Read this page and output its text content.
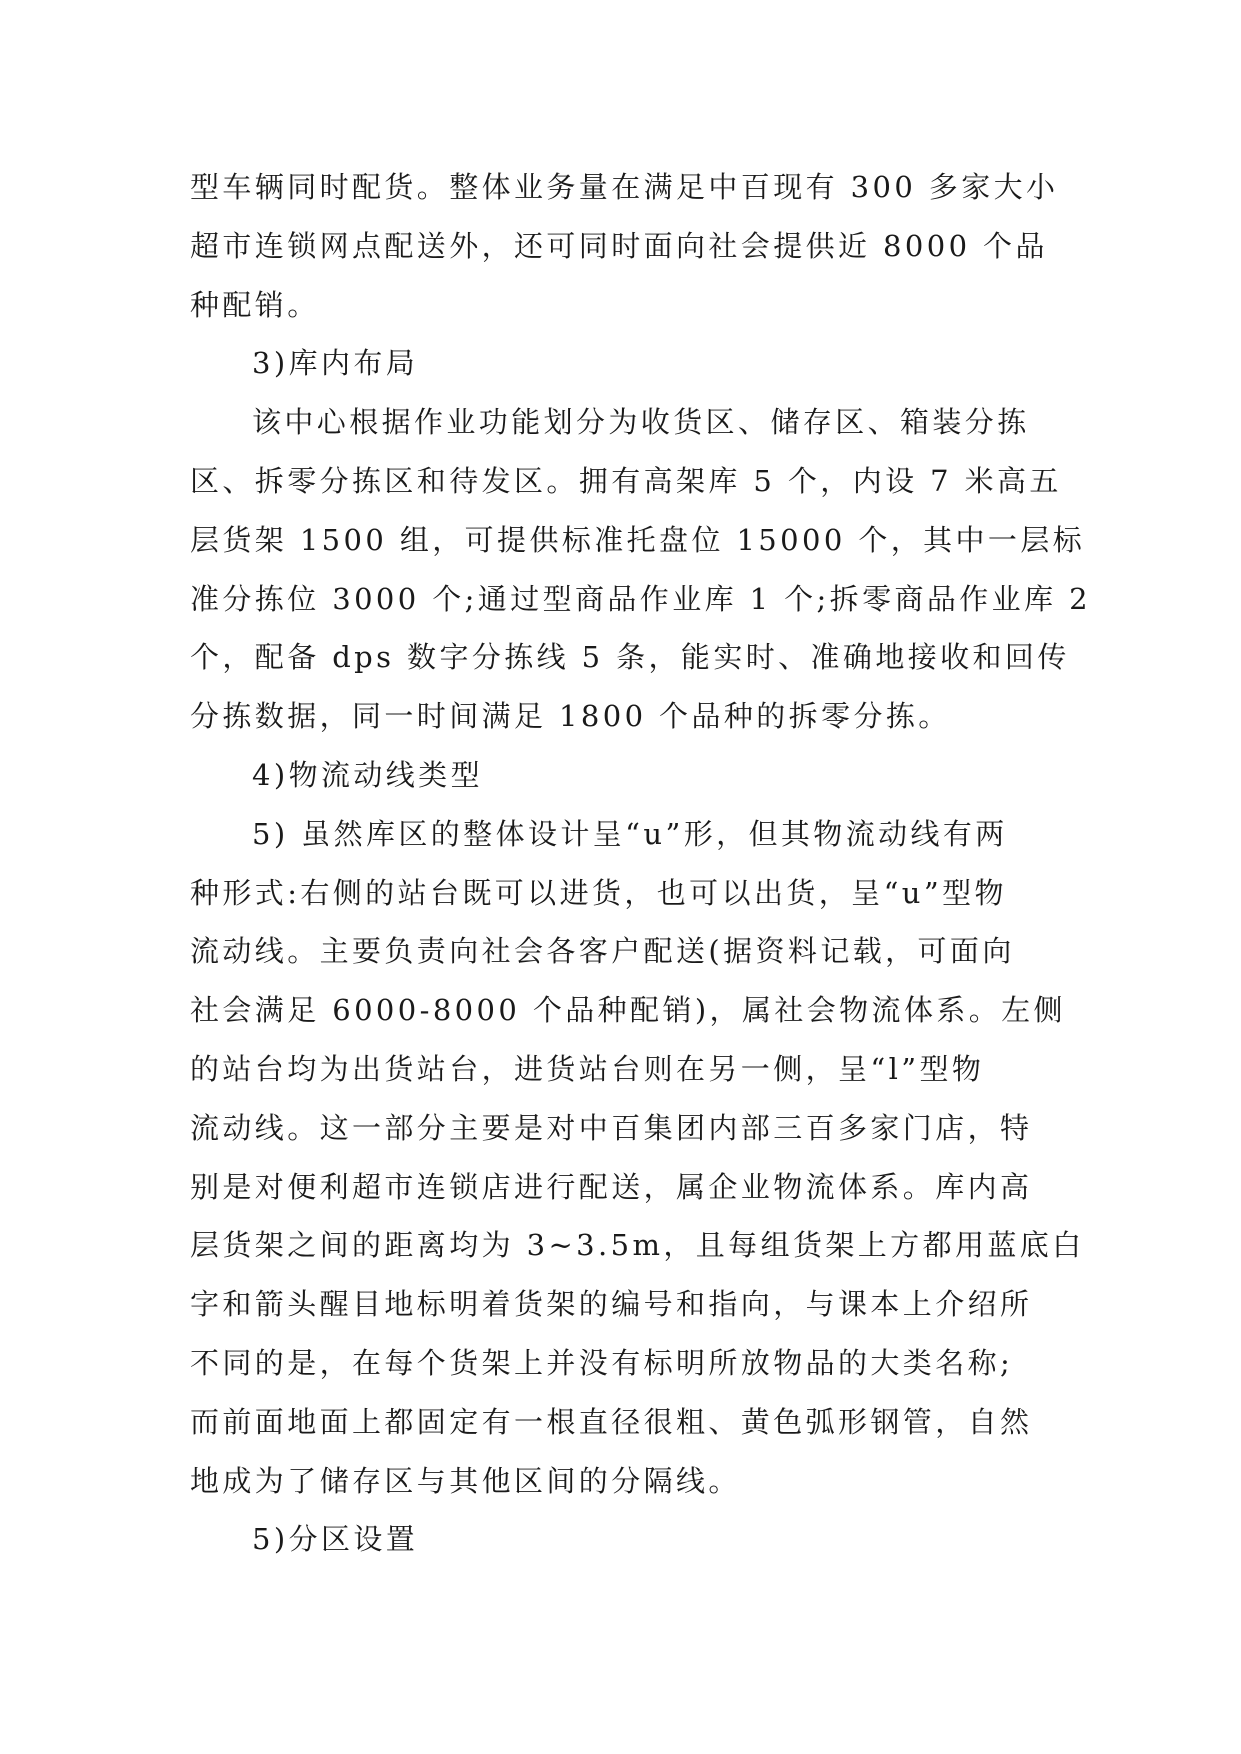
型车辆同时配货。整体业务量在满足中百现有 300 多家大小
超市连锁网点配送外，还可同时面向社会提供近 8000 个品
种配销。
3)库内布局
该中心根据作业功能划分为收货区、储存区、箱装分拣
区、拆零分拣区和待发区。拥有高架库 5 个，内设 7 米高五
层货架 1500 组，可提供标准托盘位 15000 个，其中一层标
准分拣位 3000 个;通过型商品作业库 1 个;拆零商品作业库 2
个，配备 dps 数字分拣线 5 条，能实时、准确地接收和回传
分拣数据，同一时间满足 1800 个品种的拆零分拣。
4)物流动线类型
5) 虽然库区的整体设计呈“u”形，但其物流动线有两
种形式:右侧的站台既可以进货，也可以出货，呈“u”型物
流动线。主要负责向社会各客户配送(据资料记载，可面向
社会满足 6000-8000 个品种配销)，属社会物流体系。左侧
的站台均为出货站台，进货站台则在另一侧，呈“l”型物
流动线。这一部分主要是对中百集团内部三百多家门店，特
别是对便利超市连锁店进行配送，属企业物流体系。库内高
层货架之间的距离均为 3~3.5m，且每组货架上方都用蓝底白
字和箭头醒目地标明着货架的编号和指向，与课本上介绍所
不同的是，在每个货架上并没有标明所放物品的大类名称;
而前面地面上都固定有一根直径很粗、黄色弧形钢管，自然
地成为了储存区与其他区间的分隔线。
5)分区设置
